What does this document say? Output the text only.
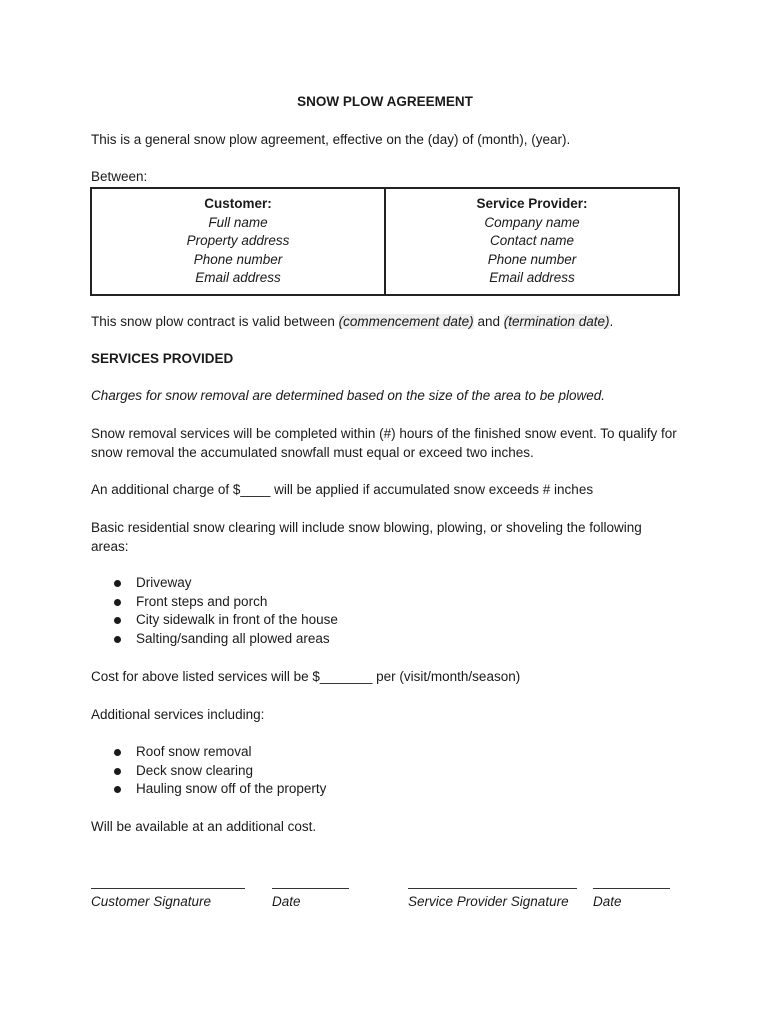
SNOW PLOW AGREEMENT
This is a general snow plow agreement, effective on the (day) of (month), (year).
Between:
Customer:
Full name
Property address
Phone number
Email address

Service Provider:
Company name
Contact name
Phone number
Email address
This snow plow contract is valid between (commencement date) and (termination date).
SERVICES PROVIDED
Charges for snow removal are determined based on the size of the area to be plowed.
Snow removal services will be completed within (#) hours of the finished snow event. To qualify for snow removal the accumulated snowfall must equal or exceed two inches.
An additional charge of $____ will be applied if accumulated snow exceeds # inches
Basic residential snow clearing will include snow blowing, plowing, or shoveling the following areas:
Driveway
Front steps and porch
City sidewalk in front of the house
Salting/sanding all plowed areas
Cost for above listed services will be $_______ per (visit/month/season)
Additional services including:
Roof snow removal
Deck snow clearing
Hauling snow off of the property
Will be available at an additional cost.
Customer Signature	Date	Service Provider Signature Date
